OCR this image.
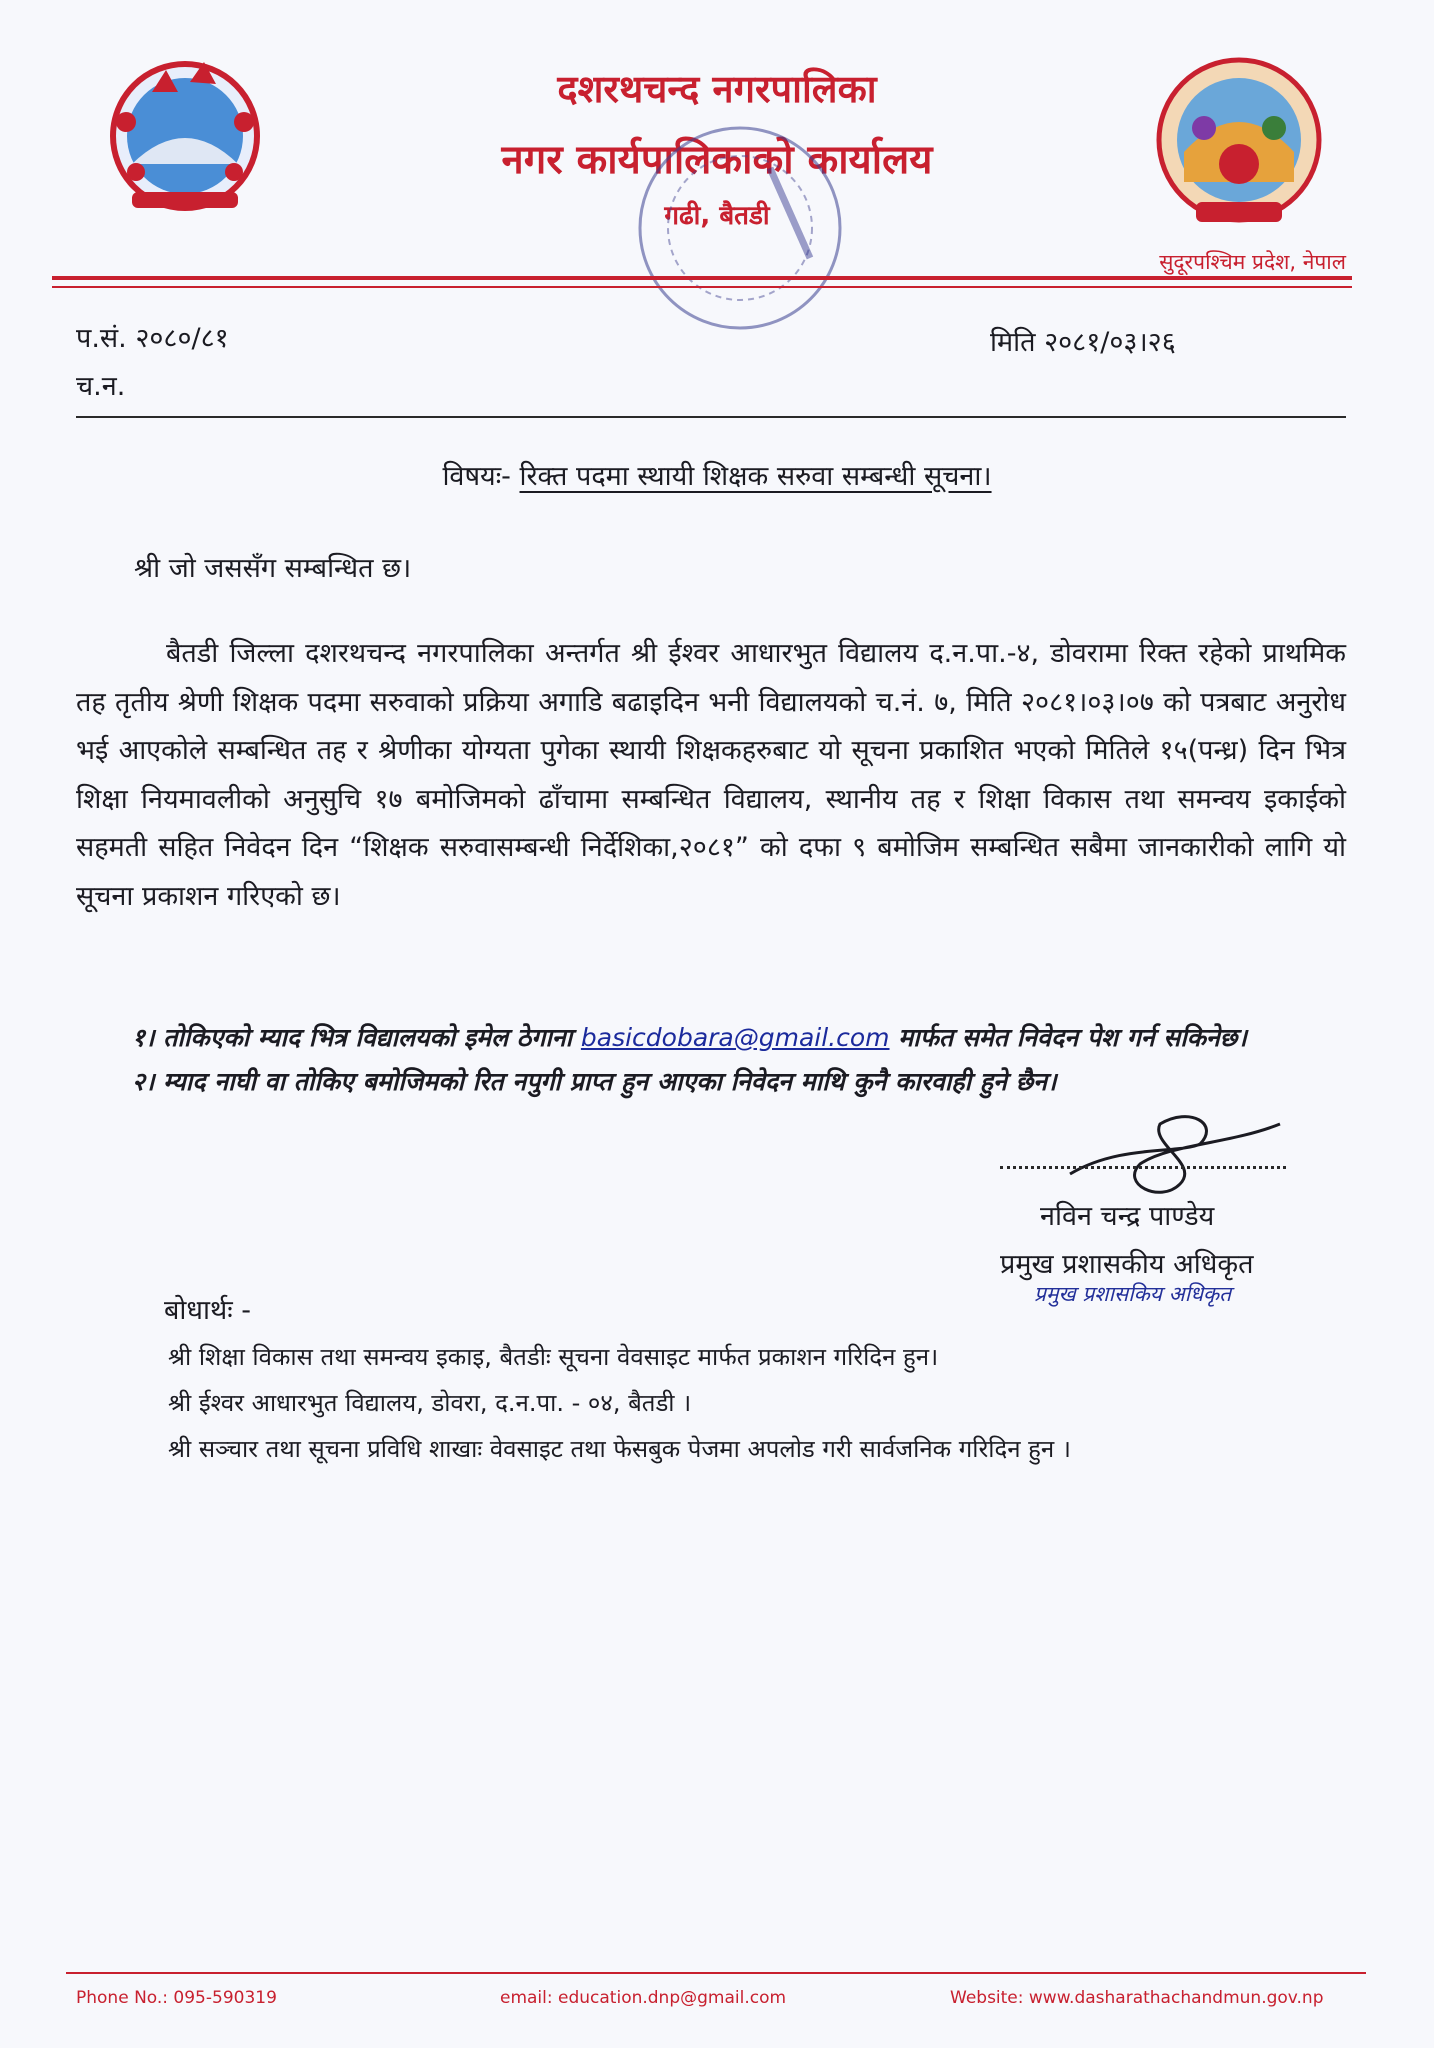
दशरथचन्द नगरपालिका
नगर कार्यपालिकाको कार्यालय
गढी, बैतडी
सुदूरपश्चिम प्रदेश, नेपाल
प.सं. २०८०/८१
च.न.
मिति २०८१/०३।२६
विषयः- रिक्त पदमा स्थायी शिक्षक सरुवा सम्बन्धी सूचना।
श्री जो जससँग सम्बन्धित छ।
बैतडी जिल्ला दशरथचन्द नगरपालिका अन्तर्गत श्री ईश्वर आधारभुत विद्यालय द.न.पा.-४, डोवरामा रिक्त रहेको प्राथमिक तह तृतीय श्रेणी शिक्षक पदमा सरुवाको प्रक्रिया अगाडि बढाइदिन भनी विद्यालयको च.नं. ७, मिति २०८१।०३।०७ को पत्रबाट अनुरोध भई आएकोले सम्बन्धित तह र श्रेणीका योग्यता पुगेका स्थायी शिक्षकहरुबाट यो सूचना प्रकाशित भएको मितिले १५(पन्ध्र) दिन भित्र शिक्षा नियमावलीको अनुसुचि १७ बमोजिमको ढाँचामा सम्बन्धित विद्यालय, स्थानीय तह र शिक्षा विकास तथा समन्वय इकाईको सहमती सहित निवेदन दिन “शिक्षक सरुवासम्बन्धी निर्देशिका,२०८१” को दफा ९ बमोजिम सम्बन्धित सबैमा जानकारीको लागि यो सूचना प्रकाशन गरिएको छ।
१। तोकिएको म्याद भित्र विद्यालयको इमेल ठेगाना basicdobara@gmail.com मार्फत समेत निवेदन पेश गर्न सकिनेछ।
२। म्याद नाघी वा तोकिए बमोजिमको रित नपुगी प्राप्त हुन आएका निवेदन माथि कुनै कारवाही हुने छैन।
नविन चन्द्र पाण्डेय
प्रमुख प्रशासकीय अधिकृत
प्रमुख प्रशासकिय अधिकृत
बोधार्थः -
श्री शिक्षा विकास तथा समन्वय इकाइ, बैतडीः सूचना वेवसाइट मार्फत प्रकाशन गरिदिन हुन।
श्री ईश्वर आधारभुत विद्यालय, डोवरा, द.न.पा. - ०४, बैतडी ।
श्री सञ्चार तथा सूचना प्रविधि शाखाः वेवसाइट तथा फेसबुक पेजमा अपलोड गरी सार्वजनिक गरिदिन हुन ।
Phone No.: 095-590319	email: education.dnp@gmail.com	Website: www.dasharathachandmun.gov.np
